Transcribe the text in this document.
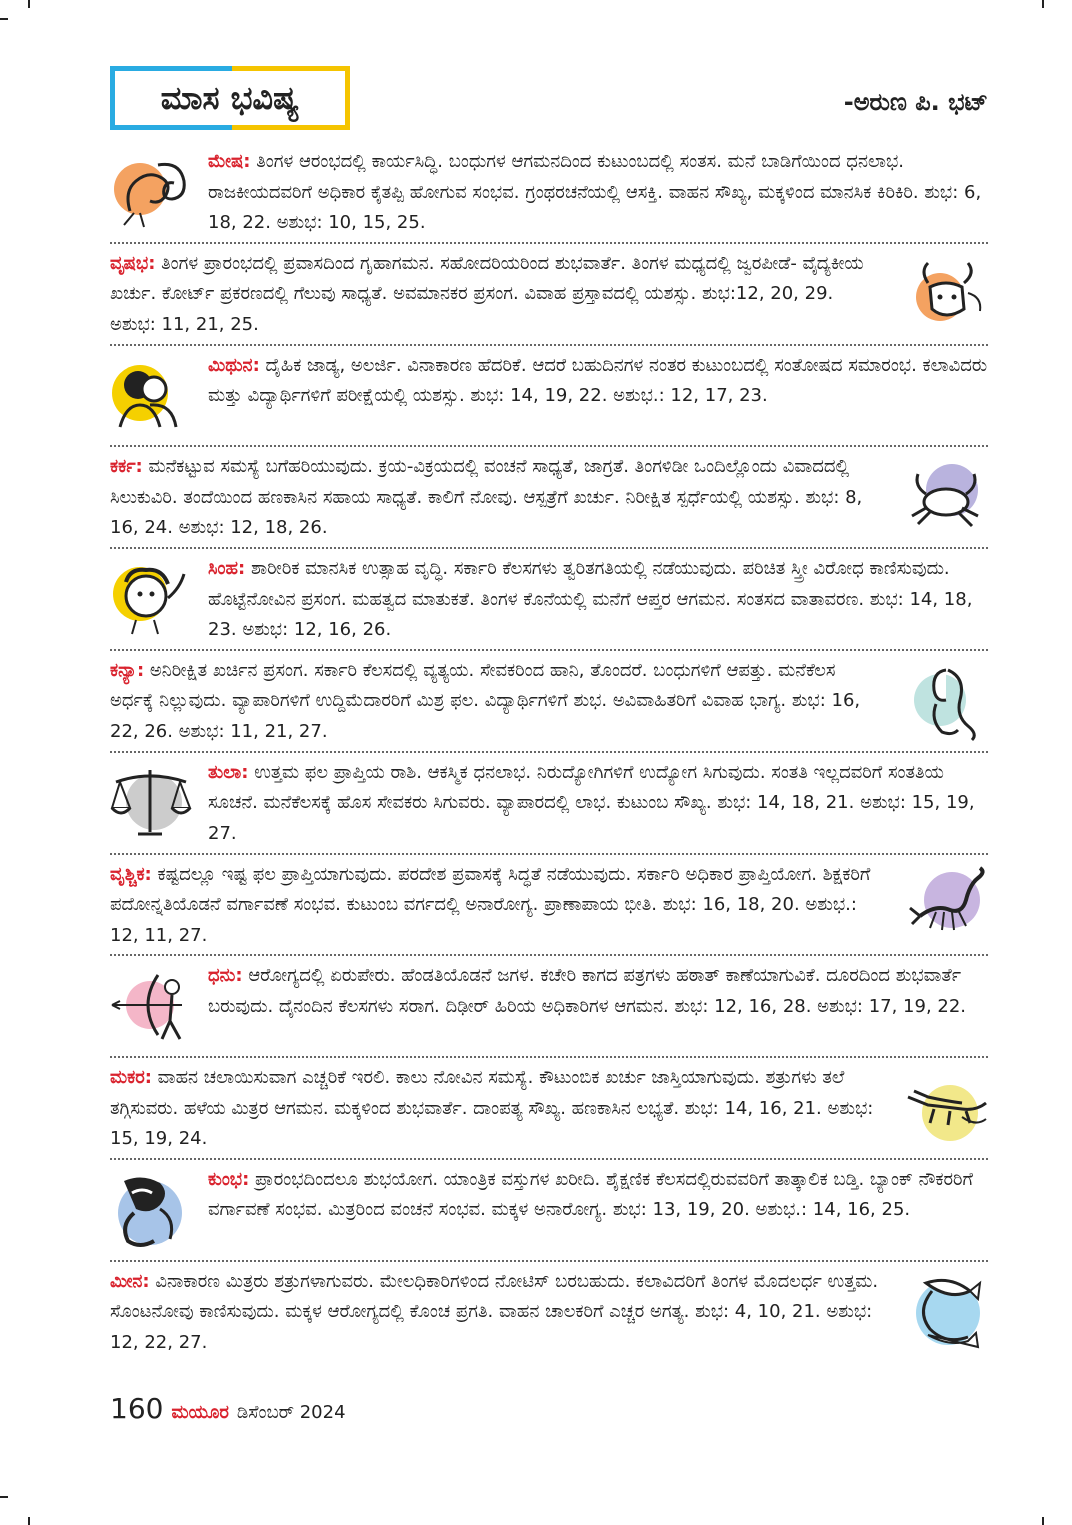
ಮಾಸ ಭವಿಷ್ಯ	-ಅರುಣ ಪಿ. ಭಟ್
ಮೇಷ: ತಿಂಗಳ ಆರಂಭದಲ್ಲಿ ಕಾರ್ಯಸಿದ್ಧಿ. ಬಂಧುಗಳ ಆಗಮನದಿಂದ ಕುಟುಂಬದಲ್ಲಿ ಸಂತಸ. ಮನೆ ಬಾಡಿಗೆಯಿಂದ ಧನಲಾಭ. ರಾಜಕೀಯದವರಿಗೆ ಅಧಿಕಾರ ಕೈತಪ್ಪಿ ಹೋಗುವ ಸಂಭವ. ಗ್ರಂಥರಚನೆಯಲ್ಲಿ ಆಸಕ್ತಿ. ವಾಹನ ಸೌಖ್ಯ, ಮಕ್ಕಳಿಂದ ಮಾನಸಿಕ ಕಿರಿಕಿರಿ. ಶುಭ: 6, 18, 22. ಅಶುಭ: 10, 15, 25.
ವೃಷಭ: ತಿಂಗಳ ಪ್ರಾರಂಭದಲ್ಲಿ ಪ್ರವಾಸದಿಂದ ಗೃಹಾಗಮನ. ಸಹೋದರಿಯರಿಂದ ಶುಭವಾರ್ತೆ. ತಿಂಗಳ ಮಧ್ಯದಲ್ಲಿ ಜ್ವರಪೀಡೆ- ವೈದ್ಯಕೀಯ ಖರ್ಚು. ಕೋರ್ಟ್ ಪ್ರಕರಣದಲ್ಲಿ ಗೆಲುವು ಸಾಧ್ಯತೆ. ಅವಮಾನಕರ ಪ್ರಸಂಗ. ವಿವಾಹ ಪ್ರಸ್ತಾವದಲ್ಲಿ ಯಶಸ್ಸು. ಶುಭ:12, 20, 29. ಅಶುಭ: 11, 21, 25.
ಮಿಥುನ: ದೈಹಿಕ ಜಾಡ್ಯ, ಅಲರ್ಜಿ. ವಿನಾಕಾರಣ ಹೆದರಿಕೆ. ಆದರೆ ಬಹುದಿನಗಳ ನಂತರ ಕುಟುಂಬದಲ್ಲಿ ಸಂತೋಷದ ಸಮಾರಂಭ. ಕಲಾವಿದರು ಮತ್ತು ವಿದ್ಯಾರ್ಥಿಗಳಿಗೆ ಪರೀಕ್ಷೆಯಲ್ಲಿ ಯಶಸ್ಸು. ಶುಭ: 14, 19, 22. ಅಶುಭ.: 12, 17, 23.
ಕರ್ಕ: ಮನೆಕಟ್ಟುವ ಸಮಸ್ಯೆ ಬಗೆಹರಿಯುವುದು. ಕ್ರಯ-ವಿಕ್ರಯದಲ್ಲಿ ವಂಚನೆ ಸಾಧ್ಯತೆ, ಜಾಗ್ರತೆ. ತಿಂಗಳಿಡೀ ಒಂದಿಲ್ಲೊಂದು ವಿವಾದದಲ್ಲಿ ಸಿಲುಕುವಿರಿ. ತಂದೆಯಿಂದ ಹಣಕಾಸಿನ ಸಹಾಯ ಸಾಧ್ಯತೆ. ಕಾಲಿಗೆ ನೋವು. ಆಸ್ಪತ್ರೆಗೆ ಖರ್ಚು. ನಿರೀಕ್ಷಿತ ಸ್ಪರ್ಧೆಯಲ್ಲಿ ಯಶಸ್ಸು. ಶುಭ: 8, 16, 24. ಅಶುಭ: 12, 18, 26.
ಸಿಂಹ: ಶಾರೀರಿಕ ಮಾನಸಿಕ ಉತ್ಸಾಹ ವೃದ್ಧಿ. ಸರ್ಕಾರಿ ಕೆಲಸಗಳು ತ್ವರಿತಗತಿಯಲ್ಲಿ ನಡೆಯುವುದು. ಪರಿಚಿತ ಸ್ತ್ರೀ ವಿರೋಧ ಕಾಣಿಸುವುದು. ಹೊಟ್ಟೆನೋವಿನ ಪ್ರಸಂಗ. ಮಹತ್ವದ ಮಾತುಕತೆ. ತಿಂಗಳ ಕೊನೆಯಲ್ಲಿ ಮನೆಗೆ ಆಪ್ತರ ಆಗಮನ. ಸಂತಸದ ವಾತಾವರಣ. ಶುಭ: 14, 18, 23. ಅಶುಭ: 12, 16, 26.
ಕನ್ಯಾ: ಅನಿರೀಕ್ಷಿತ ಖರ್ಚಿನ ಪ್ರಸಂಗ. ಸರ್ಕಾರಿ ಕೆಲಸದಲ್ಲಿ ವ್ಯತ್ಯಯ. ಸೇವಕರಿಂದ ಹಾನಿ, ತೊಂದರೆ. ಬಂಧುಗಳಿಗೆ ಆಪತ್ತು. ಮನೆಕೆಲಸ ಅರ್ಧಕ್ಕೆ ನಿಲ್ಲುವುದು. ವ್ಯಾಪಾರಿಗಳಿಗೆ ಉದ್ದಿಮೆದಾರರಿಗೆ ಮಿಶ್ರ ಫಲ. ವಿದ್ಯಾರ್ಥಿಗಳಿಗೆ ಶುಭ. ಅವಿವಾಹಿತರಿಗೆ ವಿವಾಹ ಭಾಗ್ಯ. ಶುಭ: 16, 22, 26. ಅಶುಭ: 11, 21, 27.
ತುಲಾ: ಉತ್ತಮ ಫಲ ಪ್ರಾಪ್ತಿಯ ರಾಶಿ. ಆಕಸ್ಮಿಕ ಧನಲಾಭ. ನಿರುದ್ಯೋಗಿಗಳಿಗೆ ಉದ್ಯೋಗ ಸಿಗುವುದು. ಸಂತತಿ ಇಲ್ಲದವರಿಗೆ ಸಂತತಿಯ ಸೂಚನೆ. ಮನೆಕೆಲಸಕ್ಕೆ ಹೊಸ ಸೇವಕರು ಸಿಗುವರು. ವ್ಯಾಪಾರದಲ್ಲಿ ಲಾಭ. ಕುಟುಂಬ ಸೌಖ್ಯ. ಶುಭ: 14, 18, 21. ಅಶುಭ: 15, 19, 27.
ವೃಶ್ಚಿಕ: ಕಷ್ಟದಲ್ಲೂ ಇಷ್ಟ ಫಲ ಪ್ರಾಪ್ತಿಯಾಗುವುದು. ಪರದೇಶ ಪ್ರವಾಸಕ್ಕೆ ಸಿದ್ಧತೆ ನಡೆಯುವುದು. ಸರ್ಕಾರಿ ಅಧಿಕಾರ ಪ್ರಾಪ್ತಿಯೋಗ. ಶಿಕ್ಷಕರಿಗೆ ಪದೋನ್ನತಿಯೊಡನೆ ವರ್ಗಾವಣೆ ಸಂಭವ. ಕುಟುಂಬ ವರ್ಗದಲ್ಲಿ ಅನಾರೋಗ್ಯ. ಪ್ರಾಣಾಪಾಯ ಭೀತಿ. ಶುಭ: 16, 18, 20. ಅಶುಭ.: 12, 11, 27.
ಧನು: ಆರೋಗ್ಯದಲ್ಲಿ ಏರುಪೇರು. ಹೆಂಡತಿಯೊಡನೆ ಜಗಳ. ಕಚೇರಿ ಕಾಗದ ಪತ್ರಗಳು ಹಠಾತ್ ಕಾಣೆಯಾಗುವಿಕೆ. ದೂರದಿಂದ ಶುಭವಾರ್ತೆ ಬರುವುದು. ದೈನಂದಿನ ಕೆಲಸಗಳು ಸರಾಗ. ದಿಢೀರ್ ಹಿರಿಯ ಅಧಿಕಾರಿಗಳ ಆಗಮನ. ಶುಭ: 12, 16, 28. ಅಶುಭ: 17, 19, 22.
ಮಕರ: ವಾಹನ ಚಲಾಯಿಸುವಾಗ ಎಚ್ಚರಿಕೆ ಇರಲಿ. ಕಾಲು ನೋವಿನ ಸಮಸ್ಯೆ. ಕೌಟುಂಬಿಕ ಖರ್ಚು ಜಾಸ್ತಿಯಾಗುವುದು. ಶತ್ರುಗಳು ತಲೆ ತಗ್ಗಿಸುವರು. ಹಳೆಯ ಮಿತ್ರರ ಆಗಮನ. ಮಕ್ಕಳಿಂದ ಶುಭವಾರ್ತೆ. ದಾಂಪತ್ಯ ಸೌಖ್ಯ. ಹಣಕಾಸಿನ ಲಭ್ಯತೆ. ಶುಭ: 14, 16, 21. ಅಶುಭ: 15, 19, 24.
ಕುಂಭ: ಪ್ರಾರಂಭದಿಂದಲೂ ಶುಭಯೋಗ. ಯಾಂತ್ರಿಕ ವಸ್ತುಗಳ ಖರೀದಿ. ಶೈಕ್ಷಣಿಕ ಕೆಲಸದಲ್ಲಿರುವವರಿಗೆ ತಾತ್ಕಾಲಿಕ ಬಡ್ತಿ. ಬ್ಯಾಂಕ್ ನೌಕರರಿಗೆ ವರ್ಗಾವಣೆ ಸಂಭವ. ಮಿತ್ರರಿಂದ ವಂಚನೆ ಸಂಭವ. ಮಕ್ಕಳ ಅನಾರೋಗ್ಯ. ಶುಭ: 13, 19, 20. ಅಶುಭ.: 14, 16, 25.
ಮೀನ: ವಿನಾಕಾರಣ ಮಿತ್ರರು ಶತ್ರುಗಳಾಗುವರು. ಮೇಲಧಿಕಾರಿಗಳಿಂದ ನೋಟಿಸ್ ಬರಬಹುದು. ಕಲಾವಿದರಿಗೆ ತಿಂಗಳ ಮೊದಲರ್ಧ ಉತ್ತಮ. ಸೊಂಟನೋವು ಕಾಣಿಸುವುದು. ಮಕ್ಕಳ ಆರೋಗ್ಯದಲ್ಲಿ ಕೊಂಚ ಪ್ರಗತಿ. ವಾಹನ ಚಾಲಕರಿಗೆ ಎಚ್ಚರ ಅಗತ್ಯ. ಶುಭ: 4, 10, 21. ಅಶುಭ: 12, 22, 27.
160 ಮಯೂರ ಡಿಸೆಂಬರ್ 2024
